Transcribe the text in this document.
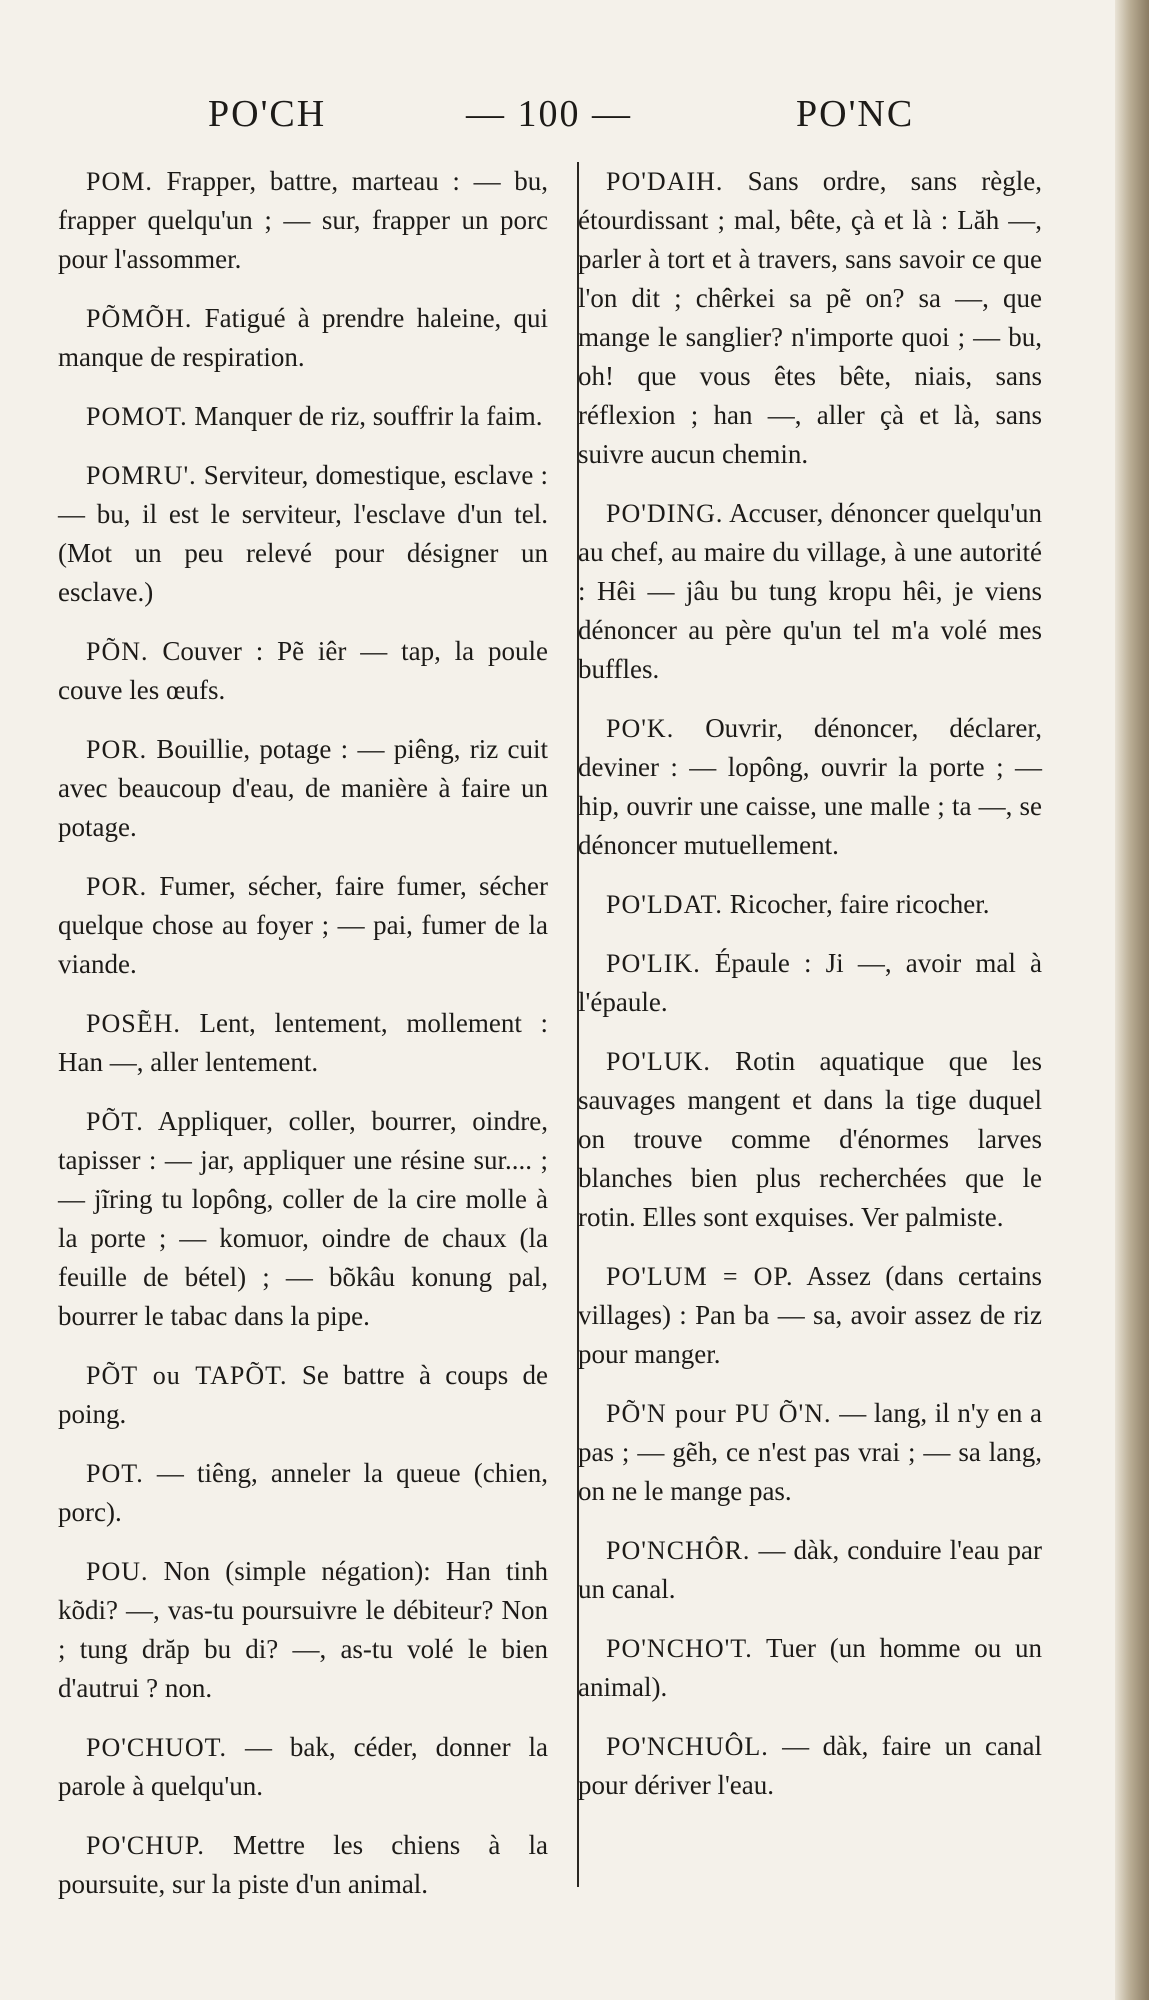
PO'CH	— 100 —	PO'NC

POM. Frapper, battre, marteau : — bu, frapper quelqu'un ; — sur, frapper un porc pour l'assommer.

PÕMÕH. Fatigué à prendre haleine, qui manque de respiration.

POMOT. Manquer de riz, souffrir la faim.

POMRU'. Serviteur, domestique, esclave : — bu, il est le serviteur, l'esclave d'un tel. (Mot un peu relevé pour désigner un esclave.)

PÕN. Couver : Pẽ iêr — tap, la poule couve les œufs.

POR. Bouillie, potage : — piêng, riz cuit avec beaucoup d'eau, de manière à faire un potage.

POR. Fumer, sécher, faire fumer, sécher quelque chose au foyer ; — pai, fumer de la viande.

POSẼH. Lent, lentement, mollement : Han —, aller lentement.

PÕT. Appliquer, coller, bourrer, oindre, tapisser : — jar, appliquer une résine sur.... ; — jĩring tu lopông, coller de la cire molle à la porte ; — komuor, oindre de chaux (la feuille de bétel) ; — bõkâu konung pal, bourrer le tabac dans la pipe.

PÕT ou TAPÕT. Se battre à coups de poing.

POT. — tiêng, anneler la queue (chien, porc).

POU. Non (simple négation): Han tinh kõdi? —, vas-tu poursuivre le débiteur? Non ; tung drăp bu di? —, as-tu volé le bien d'autrui ? non.

PO'CHUOT. — bak, céder, donner la parole à quelqu'un.

PO'CHUP. Mettre les chiens à la poursuite, sur la piste d'un animal.

PO'DAIH. Sans ordre, sans règle, étourdissant ; mal, bête, çà et là : Lăh —, parler à tort et à travers, sans savoir ce que l'on dit ; chêrkei sa pẽ on? sa —, que mange le sanglier? n'importe quoi ; — bu, oh! que vous êtes bête, niais, sans réflexion ; han —, aller çà et là, sans suivre aucun chemin.

PO'DING. Accuser, dénoncer quelqu'un au chef, au maire du village, à une autorité : Hêi — jâu bu tung kropu hêi, je viens dénoncer au père qu'un tel m'a volé mes buffles.

PO'K. Ouvrir, dénoncer, déclarer, deviner : — lopông, ouvrir la porte ; — hip, ouvrir une caisse, une malle ; ta —, se dénoncer mutuellement.

PO'LDAT. Ricocher, faire ricocher.

PO'LIK. Épaule : Ji —, avoir mal à l'épaule.

PO'LUK. Rotin aquatique que les sauvages mangent et dans la tige duquel on trouve comme d'énormes larves blanches bien plus recherchées que le rotin. Elles sont exquises. Ver palmiste.

PO'LUM = OP. Assez (dans certains villages) : Pan ba — sa, avoir assez de riz pour manger.

PÕ'N pour PU Õ'N. — lang, il n'y en a pas ; — gẽh, ce n'est pas vrai ; — sa lang, on ne le mange pas.

PO'NCHÔR. — dàk, conduire l'eau par un canal.

PO'NCHO'T. Tuer (un homme ou un animal).

PO'NCHUÔL. — dàk, faire un canal pour dériver l'eau.
